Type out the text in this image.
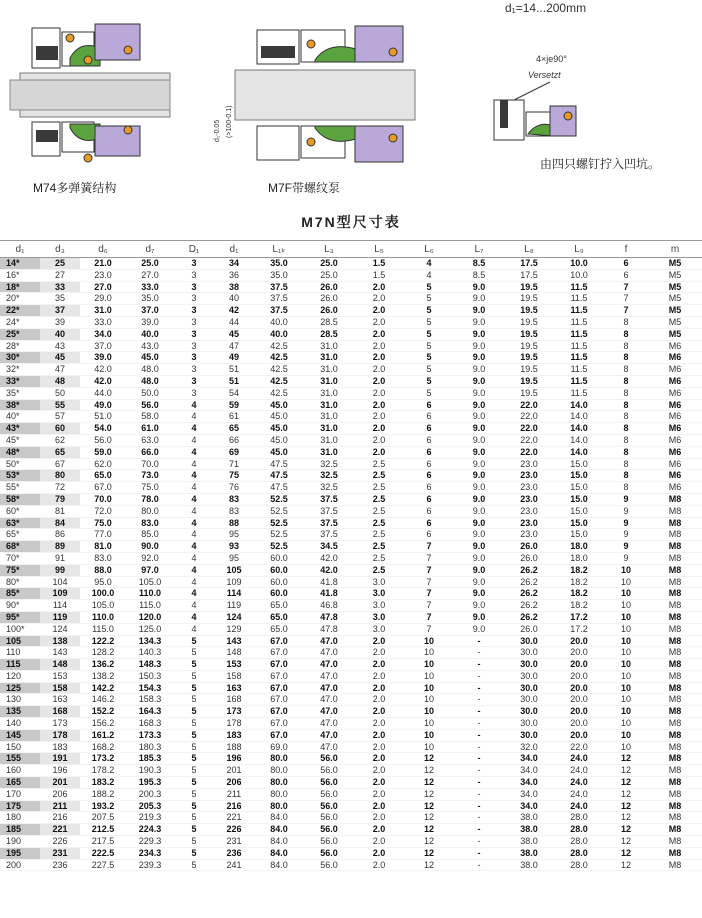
d₁=14...200mm
M74多弹簧结构
d₁-0.05 (>100-0.1)
M7F带螺纹泵
4×je90°
Versetzt
由四只螺钉拧入凹坑。
M7N型尺寸表
d₁	d₃	d₆	d₇	D₁	d₁	L₁ₖ	L₃	L₅	L₆	L₇	L₈	L₉	f	m
14*	25	21.0	25.0	3	34	35.0	25.0	1.5	4	8.5	17.5	10.0	6	M5
16*	27	23.0	27.0	3	36	35.0	25.0	1.5	4	8.5	17.5	10.0	6	M5
18*	33	27.0	33.0	3	38	37.5	26.0	2.0	5	9.0	19.5	11.5	7	M5
20*	35	29.0	35.0	3	40	37.5	26.0	2.0	5	9.0	19.5	11.5	7	M5
22*	37	31.0	37.0	3	42	37.5	26.0	2.0	5	9.0	19.5	11.5	7	M5
24*	39	33.0	39.0	3	44	40.0	28.5	2.0	5	9.0	19.5	11.5	8	M5
25*	40	34.0	40.0	3	45	40.0	28.5	2.0	5	9.0	19.5	11.5	8	M5
28*	43	37.0	43.0	3	47	42.5	31.0	2.0	5	9.0	19.5	11.5	8	M6
30*	45	39.0	45.0	3	49	42.5	31.0	2.0	5	9.0	19.5	11.5	8	M6
32*	47	42.0	48.0	3	51	42.5	31.0	2.0	5	9.0	19.5	11.5	8	M6
33*	48	42.0	48.0	3	51	42.5	31.0	2.0	5	9.0	19.5	11.5	8	M6
35*	50	44.0	50.0	3	54	42.5	31.0	2.0	5	9.0	19.5	11.5	8	M6
38*	55	49.0	56.0	4	59	45.0	31.0	2.0	6	9.0	22.0	14.0	8	M6
40*	57	51.0	58.0	4	61	45.0	31.0	2.0	6	9.0	22.0	14.0	8	M6
43*	60	54.0	61.0	4	65	45.0	31.0	2.0	6	9.0	22.0	14.0	8	M6
45*	62	56.0	63.0	4	66	45.0	31.0	2.0	6	9.0	22.0	14.0	8	M6
48*	65	59.0	66.0	4	69	45.0	31.0	2.0	6	9.0	22.0	14.0	8	M6
50*	67	62.0	70.0	4	71	47.5	32.5	2.5	6	9.0	23.0	15.0	8	M6
53*	80	65.0	73.0	4	75	47.5	32.5	2.5	6	9.0	23.0	15.0	8	M6
55*	72	67.0	75.0	4	76	47.5	32.5	2.5	6	9.0	23.0	15.0	8	M6
58*	79	70.0	78.0	4	83	52.5	37.5	2.5	6	9.0	23.0	15.0	9	M8
60*	81	72.0	80.0	4	83	52.5	37.5	2.5	6	9.0	23.0	15.0	9	M8
63*	84	75.0	83.0	4	88	52.5	37.5	2.5	6	9.0	23.0	15.0	9	M8
65*	86	77.0	85.0	4	95	52.5	37.5	2.5	6	9.0	23.0	15.0	9	M8
68*	89	81.0	90.0	4	93	52.5	34.5	2.5	7	9.0	26.0	18.0	9	M8
70*	91	83.0	92.0	4	95	60.0	42.0	2.5	7	9.0	26.0	18.0	9	M8
75*	99	88.0	97.0	4	105	60.0	42.0	2.5	7	9.0	26.2	18.2	10	M8
80*	104	95.0	105.0	4	109	60.0	41.8	3.0	7	9.0	26.2	18.2	10	M8
85*	109	100.0	110.0	4	114	60.0	41.8	3.0	7	9.0	26.2	18.2	10	M8
90*	114	105.0	115.0	4	119	65.0	46.8	3.0	7	9.0	26.2	18.2	10	M8
95*	119	110.0	120.0	4	124	65.0	47.8	3.0	7	9.0	26.2	17.2	10	M8
100*	124	115.0	125.0	4	129	65.0	47.8	3.0	7	9.0	26.0	17.2	10	M8
105	138	122.2	134.3	5	143	67.0	47.0	2.0	10	-	30.0	20.0	10	M8
110	143	128.2	140.3	5	148	67.0	47.0	2.0	10	-	30.0	20.0	10	M8
115	148	136.2	148.3	5	153	67.0	47.0	2.0	10	-	30.0	20.0	10	M8
120	153	138.2	150.3	5	158	67.0	47.0	2.0	10	-	30.0	20.0	10	M8
125	158	142.2	154.3	5	163	67.0	47.0	2.0	10	-	30.0	20.0	10	M8
130	163	146.2	158.3	5	168	67.0	47.0	2.0	10	-	30.0	20.0	10	M8
135	168	152.2	164.3	5	173	67.0	47.0	2.0	10	-	30.0	20.0	10	M8
140	173	156.2	168.3	5	178	67.0	47.0	2.0	10	-	30.0	20.0	10	M8
145	178	161.2	173.3	5	183	67.0	47.0	2.0	10	-	30.0	20.0	10	M8
150	183	168.2	180.3	5	188	69.0	47.0	2.0	10	-	32.0	22.0	10	M8
155	191	173.2	185.3	5	196	80.0	56.0	2.0	12	-	34.0	24.0	12	M8
160	196	178.2	190.3	5	201	80.0	56.0	2.0	12	-	34.0	24.0	12	M8
165	201	183.2	195.3	5	206	80.0	56.0	2.0	12	-	34.0	24.0	12	M8
170	206	188.2	200.3	5	211	80.0	56.0	2.0	12	-	34.0	24.0	12	M8
175	211	193.2	205.3	5	216	80.0	56.0	2.0	12	-	34.0	24.0	12	M8
180	216	207.5	219.3	5	221	84.0	56.0	2.0	12	-	38.0	28.0	12	M8
185	221	212.5	224.3	5	226	84.0	56.0	2.0	12	-	38.0	28.0	12	M8
190	226	217.5	229.3	5	231	84.0	56.0	2.0	12	-	38.0	28.0	12	M8
195	231	222.5	234.3	5	236	84.0	56.0	2.0	12	-	38.0	28.0	12	M8
200	236	227.5	239.3	5	241	84.0	56.0	2.0	12	-	38.0	28.0	12	M8
